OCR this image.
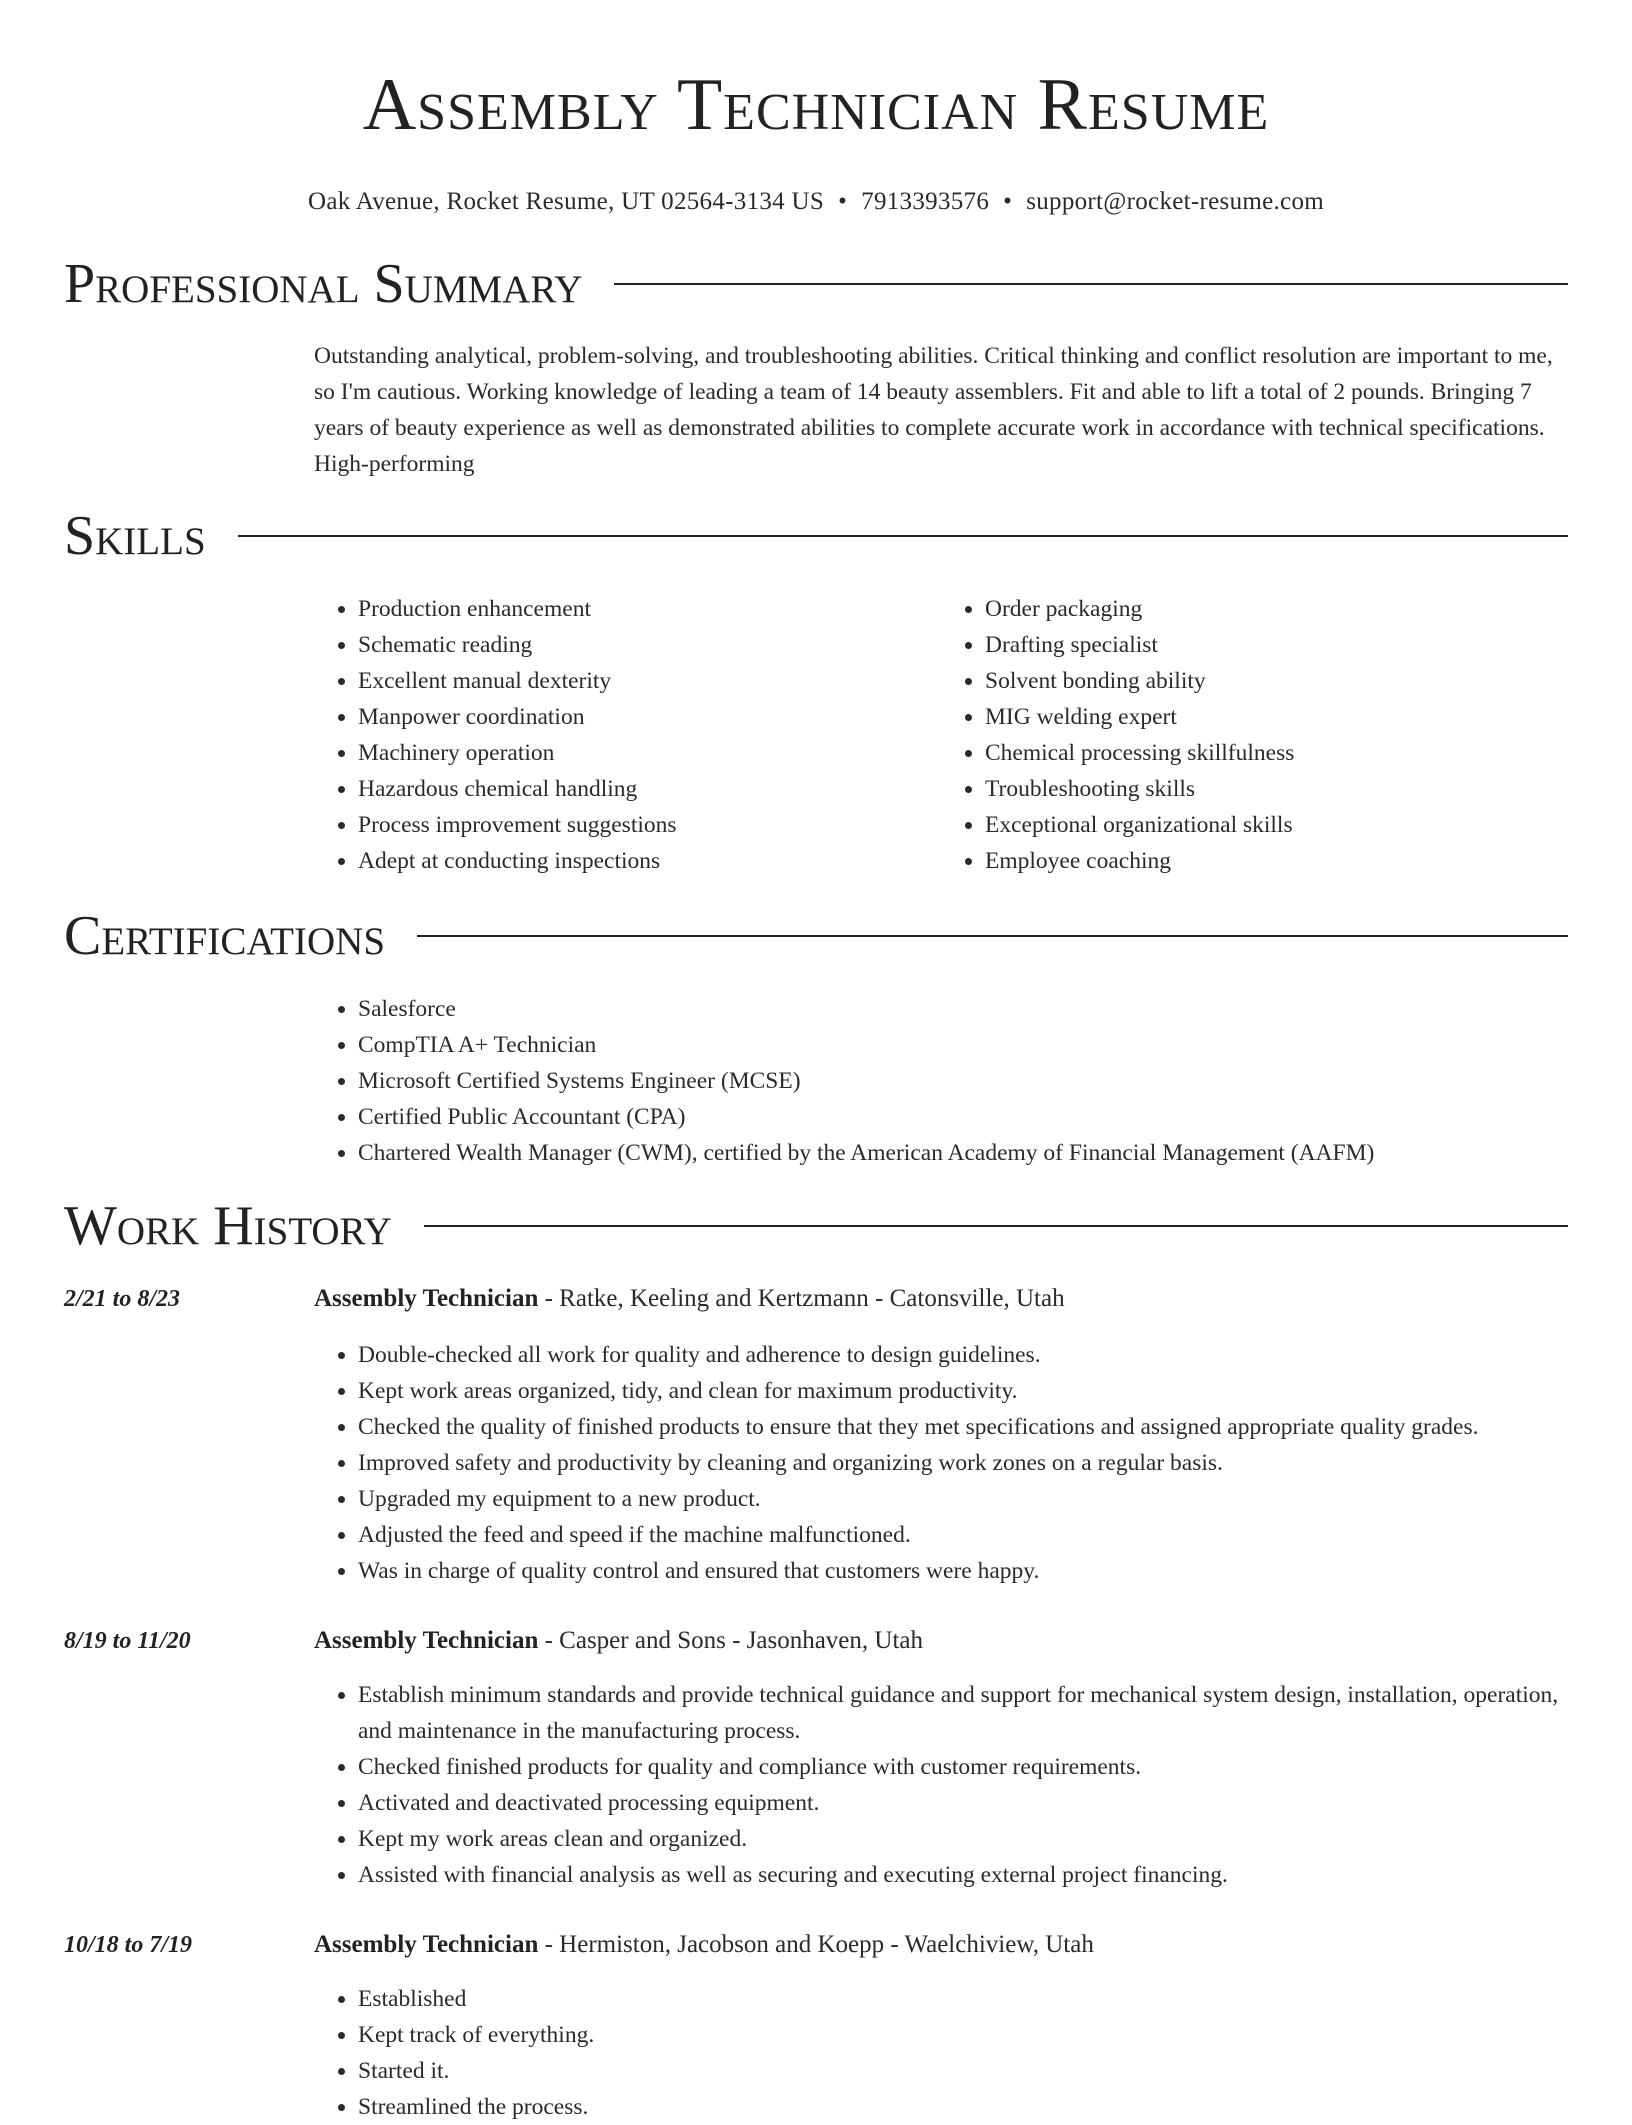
Assembly Technician Resume
Oak Avenue, Rocket Resume, UT 02564-3134 US • 7913393576 • support@rocket-resume.com
Professional Summary
Outstanding analytical, problem-solving, and troubleshooting abilities. Critical thinking and conflict resolution are important to me, so I'm cautious. Working knowledge of leading a team of 14 beauty assemblers. Fit and able to lift a total of 2 pounds. Bringing 7 years of beauty experience as well as demonstrated abilities to complete accurate work in accordance with technical specifications. High-performing
Skills
• Production enhancement
• Schematic reading
• Excellent manual dexterity
• Manpower coordination
• Machinery operation
• Hazardous chemical handling
• Process improvement suggestions
• Adept at conducting inspections
• Order packaging
• Drafting specialist
• Solvent bonding ability
• MIG welding expert
• Chemical processing skillfulness
• Troubleshooting skills
• Exceptional organizational skills
• Employee coaching
Certifications
• Salesforce
• CompTIA A+ Technician
• Microsoft Certified Systems Engineer (MCSE)
• Certified Public Accountant (CPA)
• Chartered Wealth Manager (CWM), certified by the American Academy of Financial Management (AAFM)
Work History
2/21 to 8/23	Assembly Technician - Ratke, Keeling and Kertzmann - Catonsville, Utah
• Double-checked all work for quality and adherence to design guidelines.
• Kept work areas organized, tidy, and clean for maximum productivity.
• Checked the quality of finished products to ensure that they met specifications and assigned appropriate quality grades.
• Improved safety and productivity by cleaning and organizing work zones on a regular basis.
• Upgraded my equipment to a new product.
• Adjusted the feed and speed if the machine malfunctioned.
• Was in charge of quality control and ensured that customers were happy.
8/19 to 11/20	Assembly Technician - Casper and Sons - Jasonhaven, Utah
• Establish minimum standards and provide technical guidance and support for mechanical system design, installation, operation, and maintenance in the manufacturing process.
• Checked finished products for quality and compliance with customer requirements.
• Activated and deactivated processing equipment.
• Kept my work areas clean and organized.
• Assisted with financial analysis as well as securing and executing external project financing.
10/18 to 7/19	Assembly Technician - Hermiston, Jacobson and Koepp - Waelchiview, Utah
• Established
• Kept track of everything.
• Started it.
• Streamlined the process.
